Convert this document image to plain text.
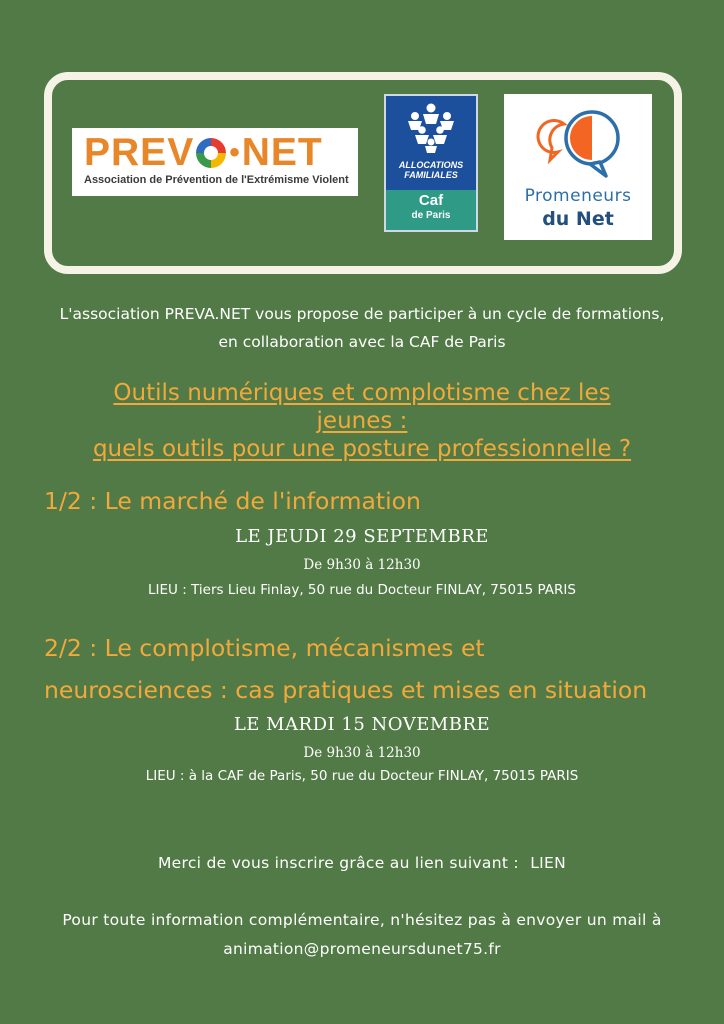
PREV • NET
Association de Prévention de l'Extrémisme Violent
ALLOCATIONS
FAMILIALES
Caf
de Paris
Promeneurs
du Net
L'association PREVA.NET vous propose de participer à un cycle de formations,
en collaboration avec la CAF de Paris
Outils numériques et complotisme chez les
jeunes :
quels outils pour une posture professionnelle ?
1/2 : Le marché de l'information
LE JEUDI 29 SEPTEMBRE
De 9h30 à 12h30
LIEU : Tiers Lieu Finlay, 50 rue du Docteur FINLAY, 75015 PARIS
2/2 : Le complotisme, mécanismes et
neurosciences : cas pratiques et mises en situation
LE MARDI 15 NOVEMBRE
De 9h30 à 12h30
LIEU : à la CAF de Paris, 50 rue du Docteur FINLAY, 75015 PARIS
Merci de vous inscrire grâce au lien suivant : LIEN
Pour toute information complémentaire, n'hésitez pas à envoyer un mail à
animation@promeneursdunet75.fr
